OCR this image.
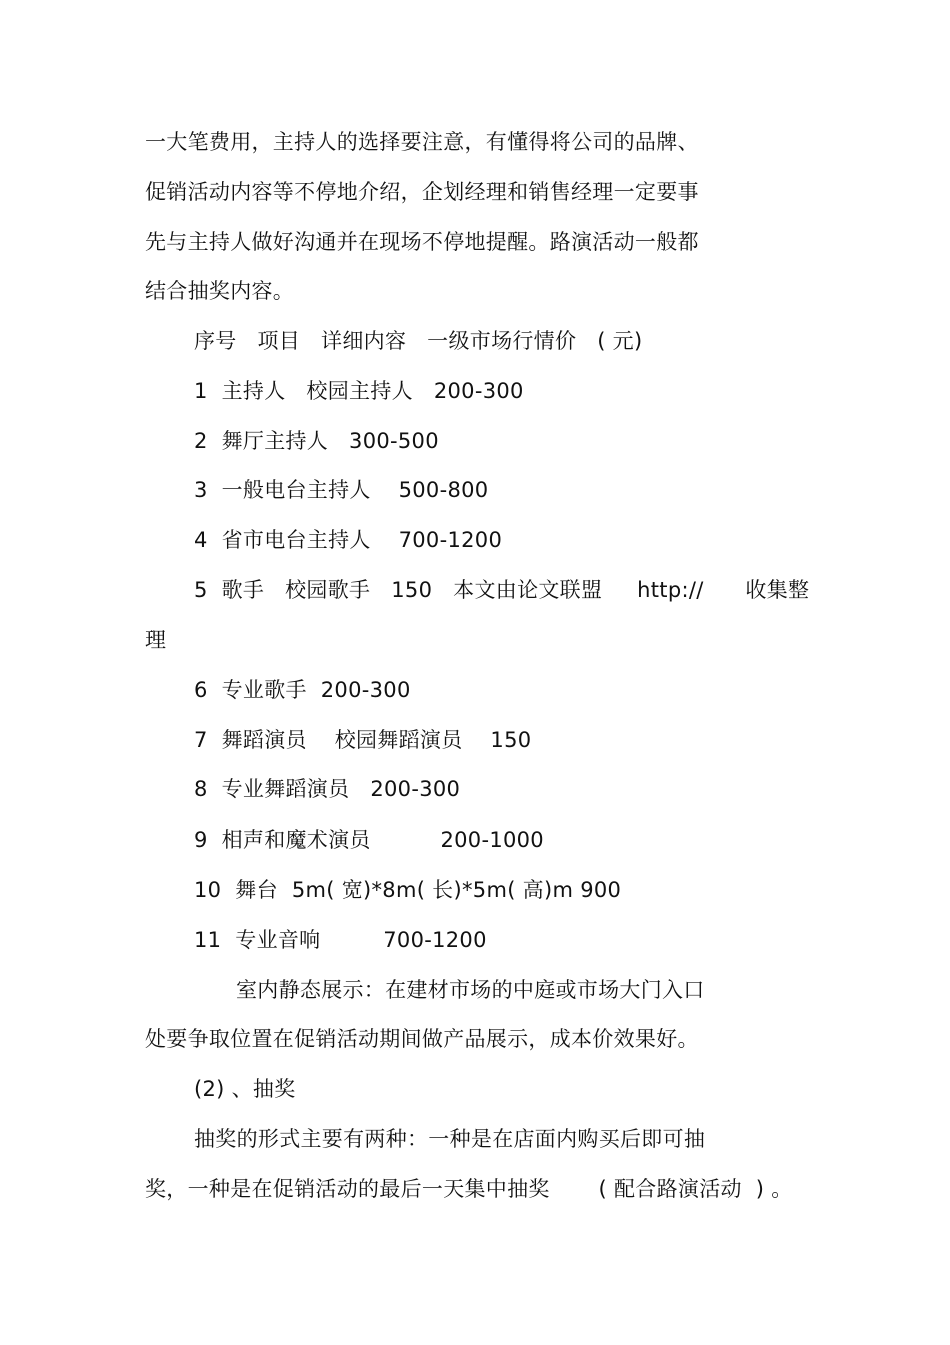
一大笔费用，主持人的选择要注意，有懂得将公司的品牌、
促销活动内容等不停地介绍，企划经理和销售经理一定要事
先与主持人做好沟通并在现场不停地提醒。路演活动一般都
结合抽奖内容。
序号   项目   详细内容   一级市场行情价   ( 元)
1  主持人   校园主持人   200-300
2  舞厅主持人   300-500
3  一般电台主持人    500-800
4  省市电台主持人    700-1200
5  歌手   校园歌手   150   本文由论文联盟     http://      收集整
理
6  专业歌手  200-300
7  舞蹈演员    校园舞蹈演员    150
8  专业舞蹈演员   200-300
9  相声和魔术演员          200-1000
10  舞台  5m( 宽)*8m( 长)*5m( 高)m 900
11  专业音响         700-1200
室内静态展示：在建材市场的中庭或市场大门入口
处要争取位置在促销活动期间做产品展示，成本价效果好。
(2) 、抽奖
抽奖的形式主要有两种：一种是在店面内购买后即可抽
奖，一种是在促销活动的最后一天集中抽奖       ( 配合路演活动  ) 。
